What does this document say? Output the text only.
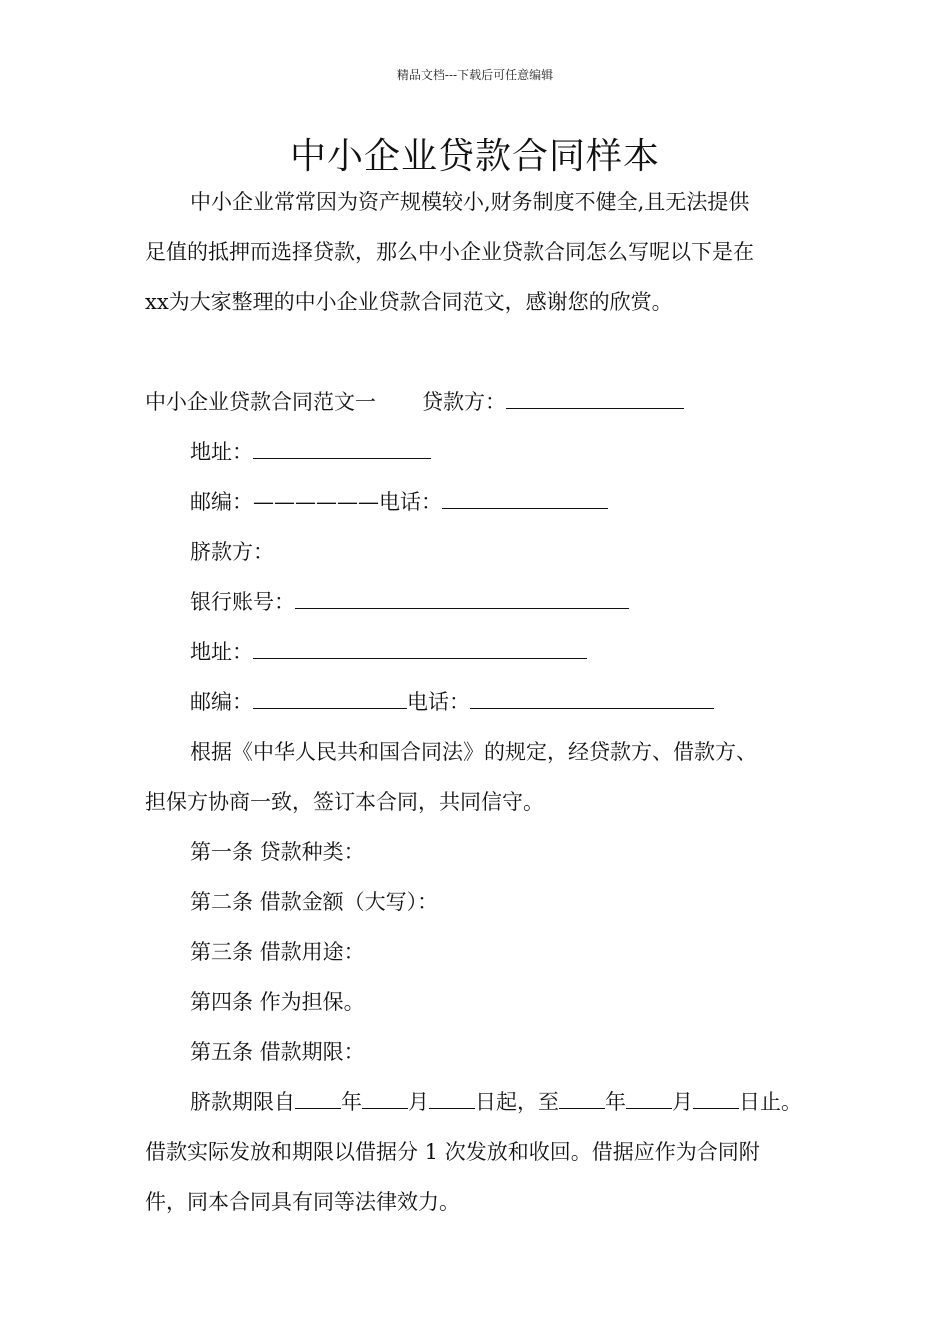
精品文档---下载后可任意编辑
中小企业贷款合同样本
中小企业常常因为资产规模较小,财务制度不健全,且无法提供
足值的抵押而选择贷款，那么中小企业贷款合同怎么写呢以下是在
xx为大家整理的中小企业贷款合同范文，感谢您的欣赏。
中小企业贷款合同范文一 贷款方：
地址：
邮编：——————电话：
脐款方：
银行账号：
地址：
邮编：	电话：
根据《中华人民共和国合同法》的规定，经贷款方、借款方、
担保方协商一致，签订本合同，共同信守。
第一条 贷款种类：
第二条 借款金额（大写）：
第三条 借款用途：
第四条 作为担保。
第五条 借款期限：
脐款期限自 年 月 日起，至 年 月 日止。
借款实际发放和期限以借据分 1 次发放和收回。借据应作为合同附
件，同本合同具有同等法律效力。
